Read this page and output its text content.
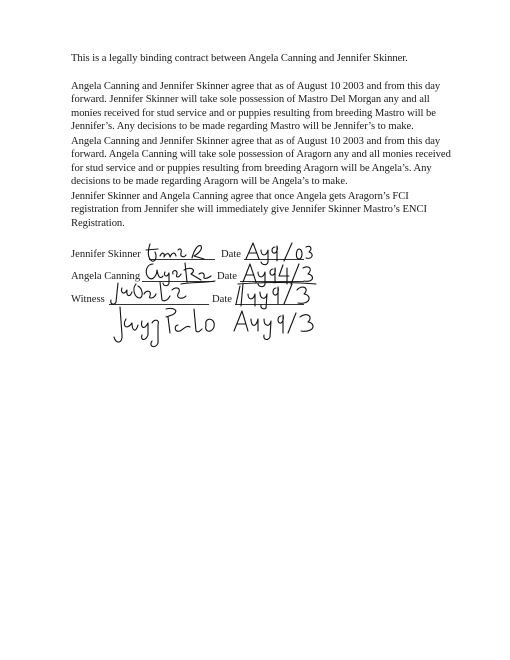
This is a legally binding contract between Angela Canning and Jennifer Skinner.

Angela Canning and Jennifer Skinner agree that as of August 10 2003 and from this day forward. Jennifer Skinner will take sole possession of Mastro Del Morgan any and all monies received for stud service and or puppies resulting from breeding Mastro will be Jennifer’s. Any decisions to be made regarding Mastro will be Jennifer’s to make.

Angela Canning and Jennifer Skinner agree that as of August 10 2003 and from this day forward. Angela Canning will take sole possession of Aragorn any and all monies received for stud service and or puppies resulting from breeding Aragorn will be Angela’s. Any decisions to be made regarding Aragorn will be Angela’s to make.

Jennifer Skinner and Angela Canning agree that once Angela gets Aragorn’s FCI registration from Jennifer she will immediately give Jennifer Skinner Mastro’s ENCI Registration.

Jennifer Skinner	Date
Angela Canning	Date
Witness	Date
